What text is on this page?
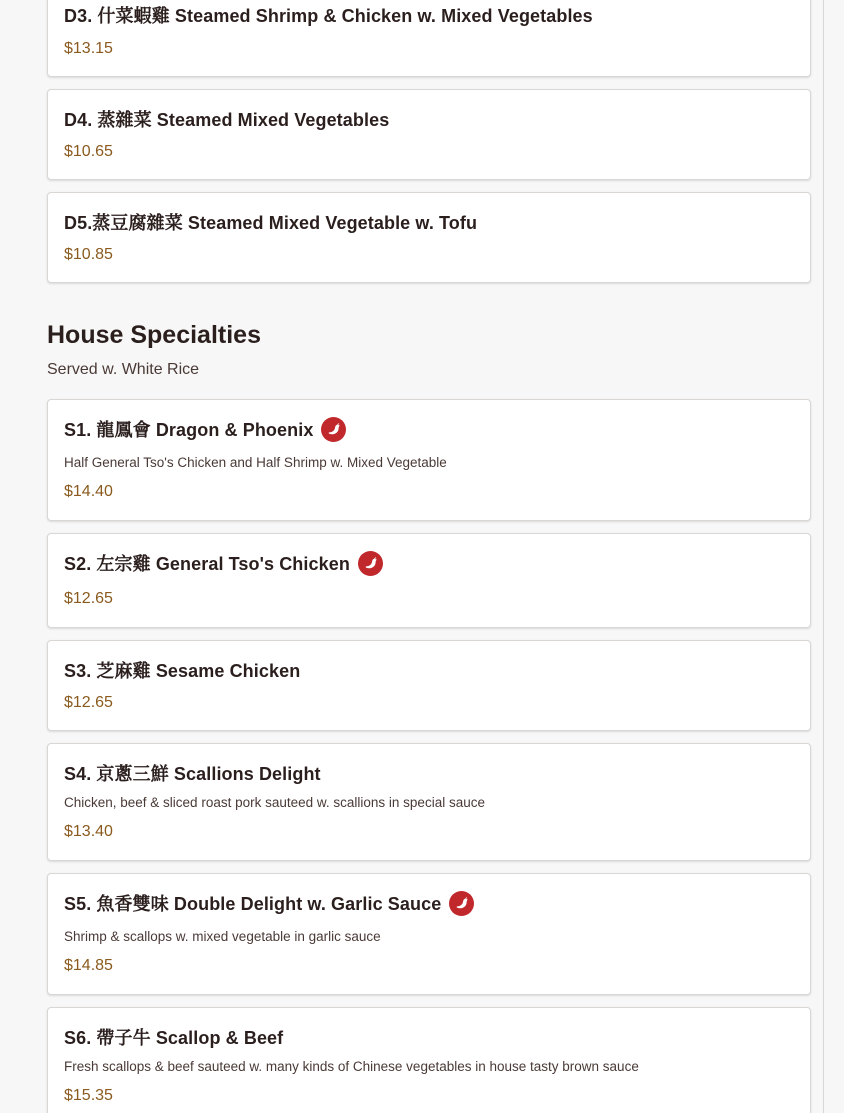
D3. 什菜蝦雞 Steamed Shrimp & Chicken w. Mixed Vegetables
$13.15
D4. 蒸雜菜 Steamed Mixed Vegetables
$10.65
D5.蒸豆腐雜菜 Steamed Mixed Vegetable w. Tofu
$10.85
House Specialties
Served w. White Rice
S1. 龍鳳會 Dragon & Phoenix
Half General Tso's Chicken and Half Shrimp w. Mixed Vegetable
$14.40
S2. 左宗雞 General Tso's Chicken
$12.65
S3. 芝麻雞 Sesame Chicken
$12.65
S4. 京蔥三鮮 Scallions Delight
Chicken, beef & sliced roast pork sauteed w. scallions in special sauce
$13.40
S5. 魚香雙味 Double Delight w. Garlic Sauce
Shrimp & scallops w. mixed vegetable in garlic sauce
$14.85
S6. 帶子牛 Scallop & Beef
Fresh scallops & beef sauteed w. many kinds of Chinese vegetables in house tasty brown sauce
$15.35
